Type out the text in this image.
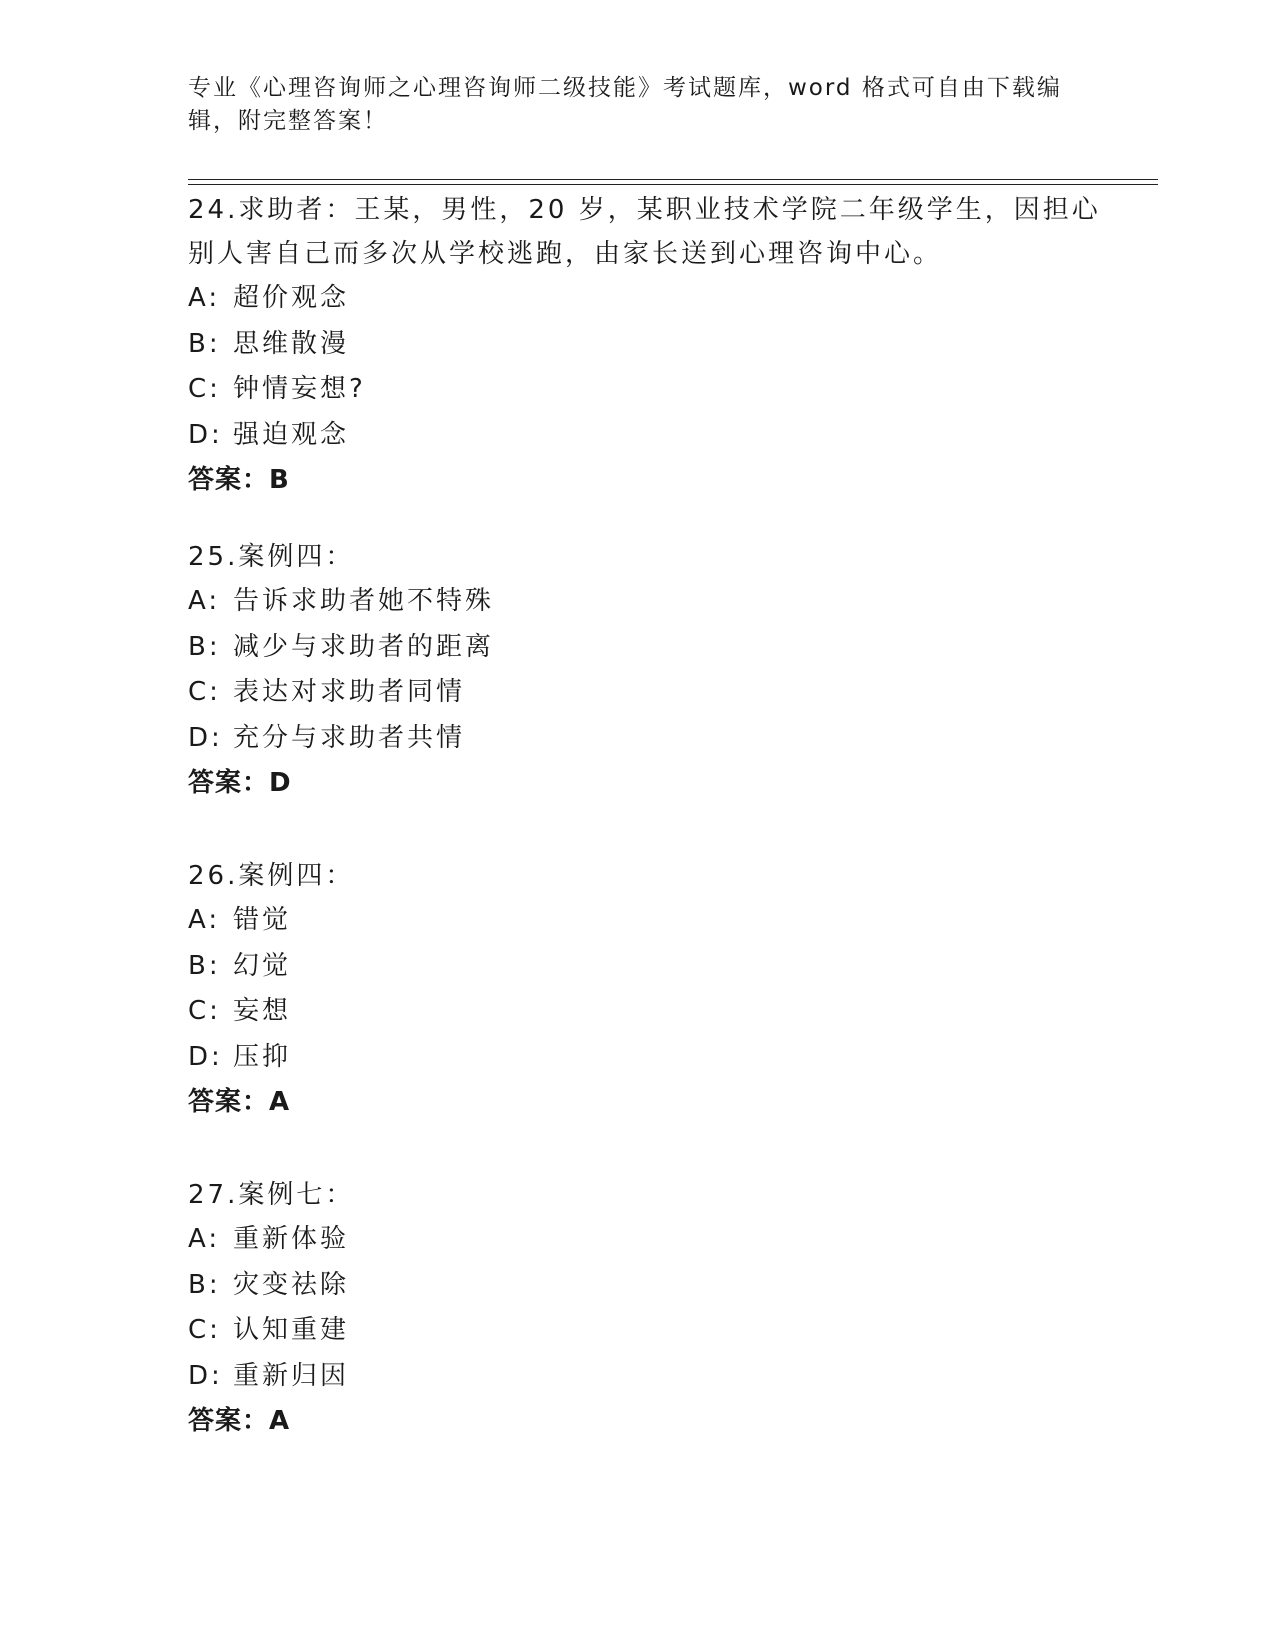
专业《心理咨询师之心理咨询师二级技能》考试题库，word 格式可自由下载编辑，附完整答案！
24.求助者：王某，男性，20 岁，某职业技术学院二年级学生，因担心别人害自己而多次从学校逃跑，由家长送到心理咨询中心。
A: 超价观念
B: 思维散漫
C: 钟情妄想?
D: 强迫观念
答案：B
25.案例四：
A: 告诉求助者她不特殊
B: 减少与求助者的距离
C: 表达对求助者同情
D: 充分与求助者共情
答案：D
26.案例四：
A: 错觉
B: 幻觉
C: 妄想
D: 压抑
答案：A
27.案例七：
A: 重新体验
B: 灾变祛除
C: 认知重建
D: 重新归因
答案：A
